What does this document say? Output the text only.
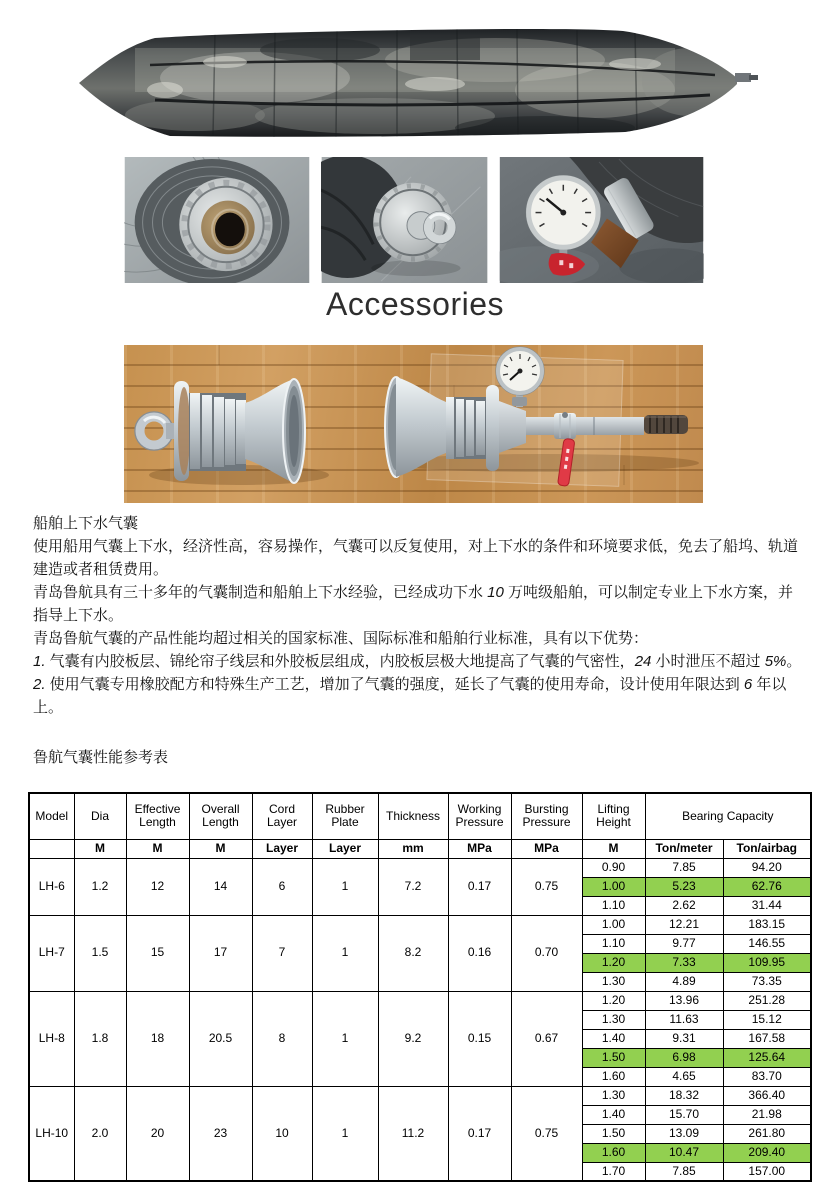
Accessories

船舶上下水气囊

使用船用气囊上下水，经济性高，容易操作，气囊可以反复使用，对上下水的条件和环境要求低，免去了船坞、轨道建造或者租赁费用。

青岛鲁航具有三十多年的气囊制造和船舶上下水经验，已经成功下水 10 万吨级船舶，可以制定专业上下水方案，并指导上下水。

青岛鲁航气囊的产品性能均超过相关的国家标准、国际标准和船舶行业标准，具有以下优势：

1. 气囊有内胶板层、锦纶帘子线层和外胶板层组成，内胶板层极大地提高了气囊的气密性，24 小时泄压不超过 5%。

2. 使用气囊专用橡胶配方和特殊生产工艺，增加了气囊的强度，延长了气囊的使用寿命，设计使用年限达到 6 年以上。

鲁航气囊性能参考表
Model	Dia	Effective Length	Overall Length	Cord Layer	Rubber Plate	Thickness	Working Pressure	Bursting Pressure	Lifting Height	Bearing Capacity	
	M	M	M	Layer	Layer	mm	MPa	MPa	M	Ton/meter	Ton/airbag
LH-6	1.2	12	14	6	1	7.2	0.17	0.75	0.90	7.85	94.20
									1.00	5.23	62.76
									1.10	2.62	31.44
LH-7	1.5	15	17	7	1	8.2	0.16	0.70	1.00	12.21	183.15
									1.10	9.77	146.55
									1.20	7.33	109.95
									1.30	4.89	73.35
LH-8	1.8	18	20.5	8	1	9.2	0.15	0.67	1.20	13.96	251.28
									1.30	11.63	15.12
									1.40	9.31	167.58
									1.50	6.98	125.64
									1.60	4.65	83.70
LH-10	2.0	20	23	10	1	11.2	0.17	0.75	1.30	18.32	366.40
									1.40	15.70	21.98
									1.50	13.09	261.80
									1.60	10.47	209.40
									1.70	7.85	157.00
